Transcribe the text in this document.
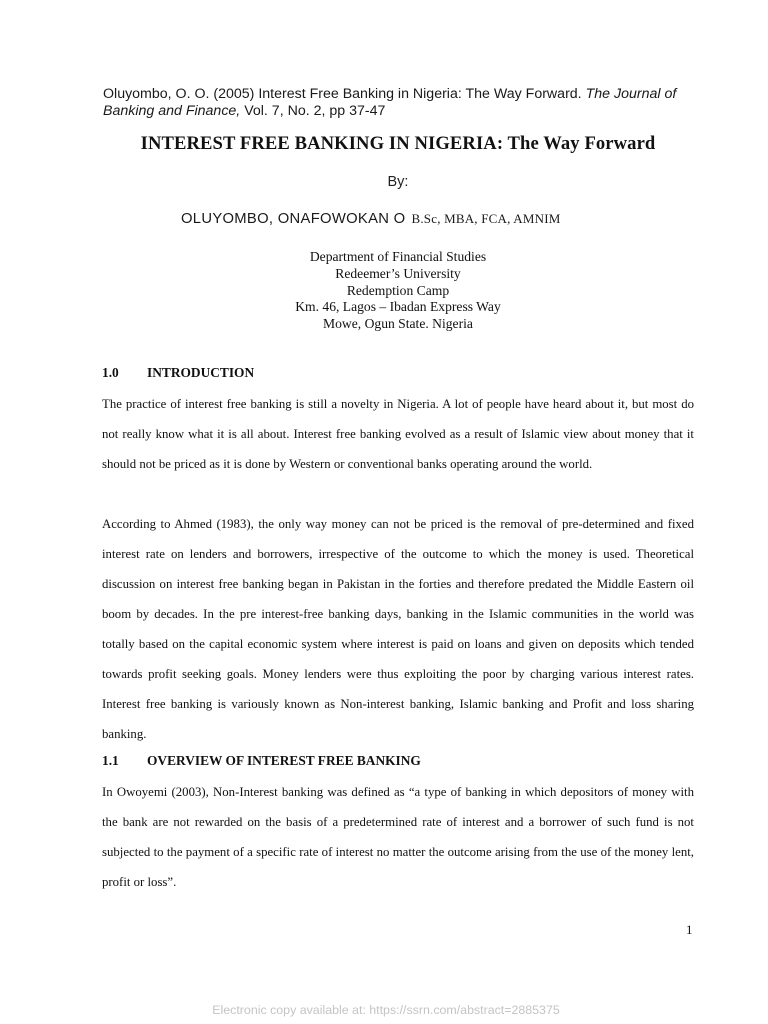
Oluyombo, O. O. (2005) Interest Free Banking in Nigeria: The Way Forward. The Journal of Banking and Finance, Vol. 7, No. 2, pp 37-47
INTEREST FREE BANKING IN NIGERIA: The Way Forward
By:
OLUYOMBO, ONAFOWOKAN O B.Sc, MBA, FCA, AMNIM
Department of Financial Studies
Redeemer’s University
Redemption Camp
Km. 46, Lagos – Ibadan Express Way
Mowe, Ogun State. Nigeria
1.0 INTRODUCTION

The practice of interest free banking is still a novelty in Nigeria. A lot of people have heard about it, but most do not really know what it is all about. Interest free banking evolved as a result of Islamic view about money that it should not be priced as it is done by Western or conventional banks operating around the world.

According to Ahmed (1983), the only way money can not be priced is the removal of pre-determined and fixed interest rate on lenders and borrowers, irrespective of the outcome to which the money is used. Theoretical discussion on interest free banking began in Pakistan in the forties and therefore predated the Middle Eastern oil boom by decades. In the pre interest-free banking days, banking in the Islamic communities in the world was totally based on the capital economic system where interest is paid on loans and given on deposits which tended towards profit seeking goals. Money lenders were thus exploiting the poor by charging various interest rates. Interest free banking is variously known as Non-interest banking, Islamic banking and Profit and loss sharing banking.

1.1 OVERVIEW OF INTEREST FREE BANKING

In Owoyemi (2003), Non-Interest banking was defined as “a type of banking in which depositors of money with the bank are not rewarded on the basis of a predetermined rate of interest and a borrower of such fund is not subjected to the payment of a specific rate of interest no matter the outcome arising from the use of the money lent, profit or loss”.

1
Electronic copy available at: https://ssrn.com/abstract=2885375
